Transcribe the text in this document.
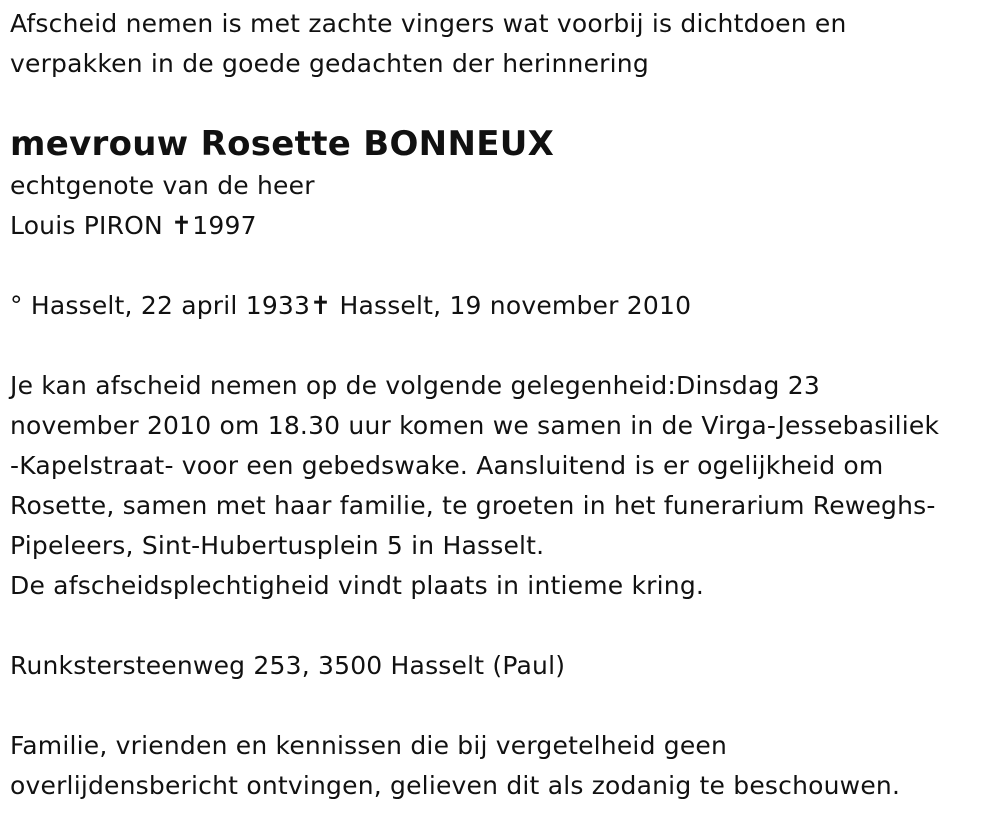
Afscheid nemen is met zachte vingers wat voorbij is dichtdoen en
verpakken in de goede gedachten der herinnering
mevrouw Rosette BONNEUX
echtgenote van de heer
Louis PIRON ✝1997
° Hasselt, 22 april 1933✝ Hasselt, 19 november 2010
Je kan afscheid nemen op de volgende gelegenheid:Dinsdag 23
november 2010 om 18.30 uur komen we samen in de Virga-Jessebasiliek
-Kapelstraat- voor een gebedswake. Aansluitend is er ogelijkheid om
Rosette, samen met haar familie, te groeten in het funerarium Reweghs-
Pipeleers, Sint-Hubertusplein 5 in Hasselt.
De afscheidsplechtigheid vindt plaats in intieme kring.
Runkstersteenweg 253, 3500 Hasselt (Paul)
Familie, vrienden en kennissen die bij vergetelheid geen
overlijdensbericht ontvingen, gelieven dit als zodanig te beschouwen.
